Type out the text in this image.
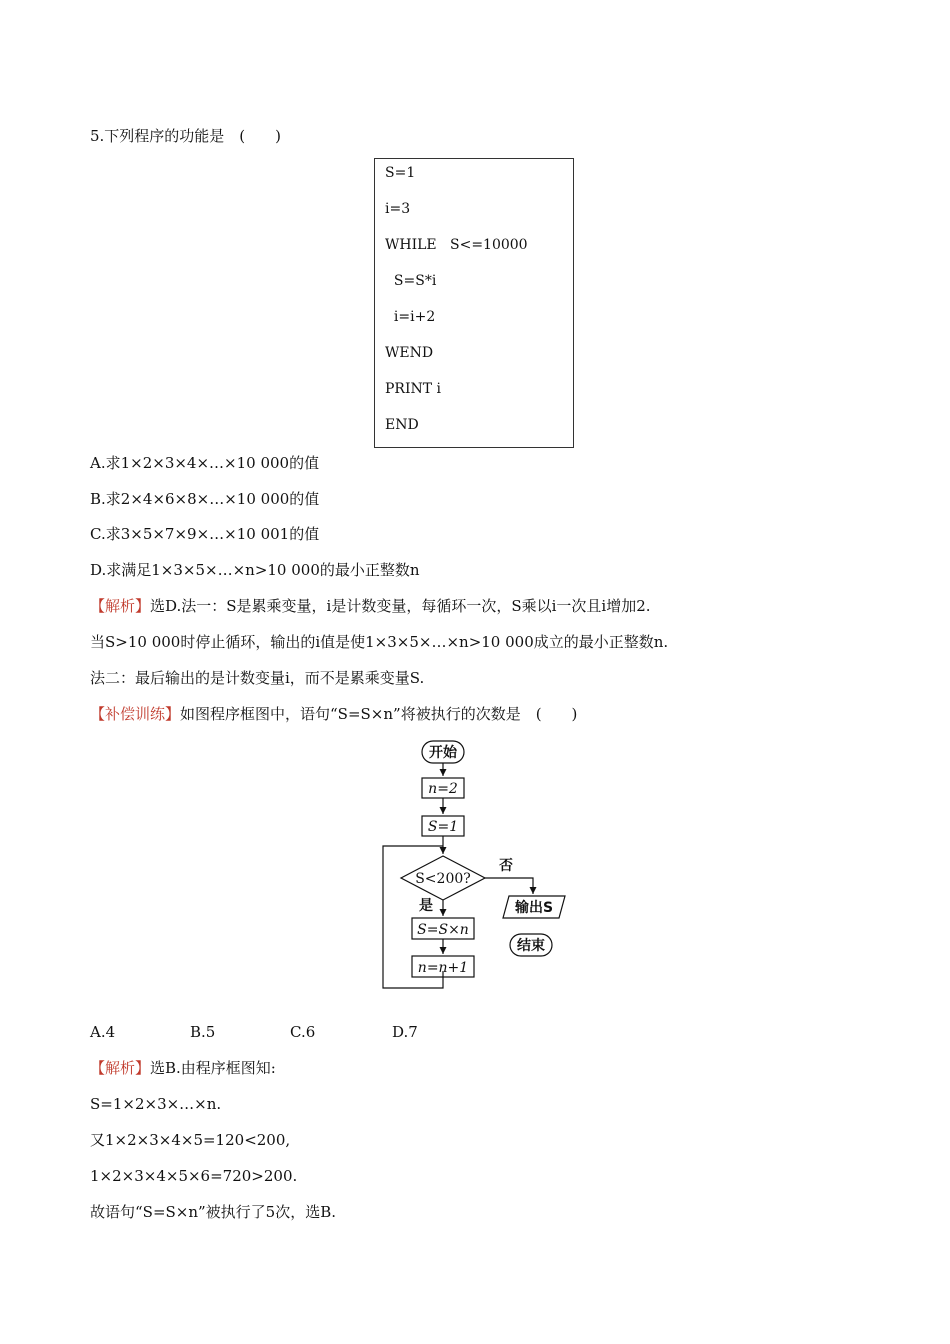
5.下列程序的功能是　(　　)
S=1
i=3
WHILE   S<=10000
S=S*i
i=i+2
WEND
PRINT i
END
A.求1×2×3×4×…×10 000的值
B.求2×4×6×8×…×10 000的值
C.求3×5×7×9×…×10 001的值
D.求满足1×3×5×…×n>10 000的最小正整数n
【解析】选D.法一：S是累乘变量，i是计数变量，每循环一次，S乘以i一次且i增加2.
当S>10 000时停止循环，输出的i值是使1×3×5×…×n>10 000成立的最小正整数n.
法二：最后输出的是计数变量i，而不是累乘变量S.
【补偿训练】如图程序框图中，语句“S=S×n”将被执行的次数是　(　　)
开始
n=2
S=1
S<200?
否
是
S=S×n
n=n+1
输出S
结束
A.4	B.5	C.6	D.7
【解析】选B.由程序框图知:
S=1×2×3×…×n.
又1×2×3×4×5=120<200,
1×2×3×4×5×6=720>200.
故语句“S=S×n”被执行了5次，选B.
